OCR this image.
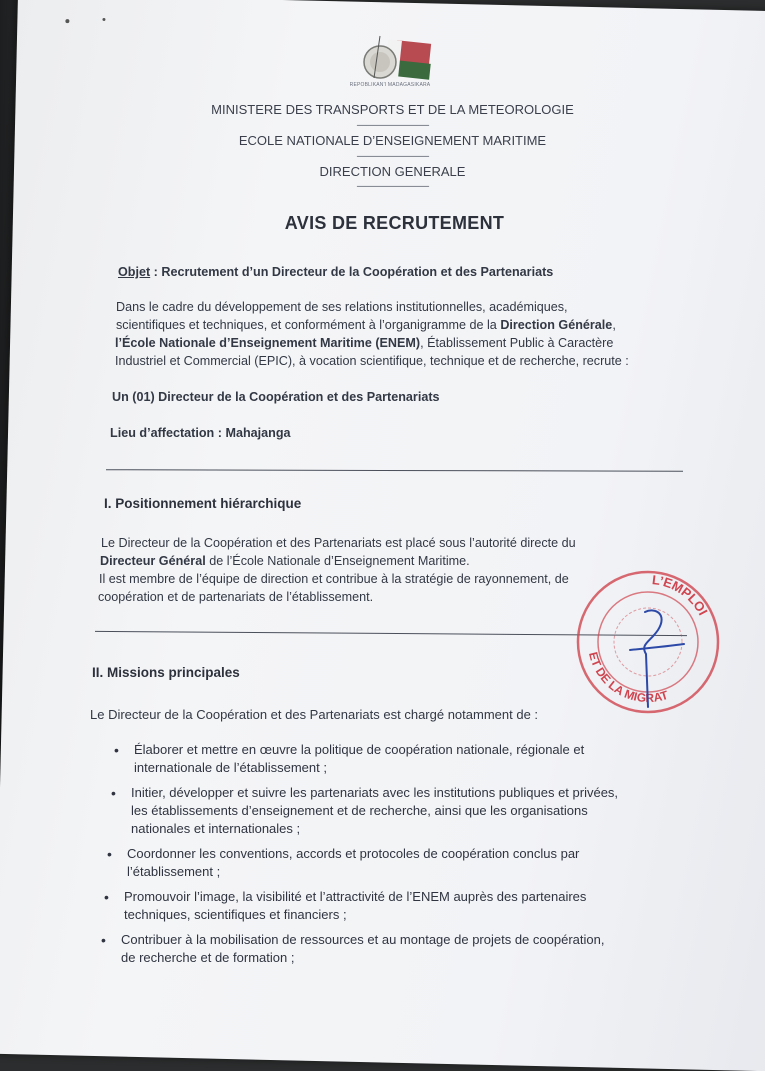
REPOBLIKAN'I MADAGASIKARA
MINISTERE DES TRANSPORTS ET DE LA METEOROLOGIE
------------------------------------
ECOLE NATIONALE D’ENSEIGNEMENT MARITIME
------------------------------------
DIRECTION GENERALE
------------------------------------
AVIS DE RECRUTEMENT
Objet : Recrutement d’un Directeur de la Coopération et des Partenariats
Dans le cadre du développement de ses relations institutionnelles, académiques,
scientifiques et techniques, et conformément à l’organigramme de la Direction Générale,
l’École Nationale d’Enseignement Maritime (ENEM), Établissement Public à Caractère
Industriel et Commercial (EPIC), à vocation scientifique, technique et de recherche, recrute :
Un (01) Directeur de la Coopération et des Partenariats
Lieu d’affectation : Mahajanga
I. Positionnement hiérarchique
Le Directeur de la Coopération et des Partenariats est placé sous l’autorité directe du
Directeur Général de l’École Nationale d’Enseignement Maritime.
Il est membre de l’équipe de direction et contribue à la stratégie de rayonnement, de
coopération et de partenariats de l’établissement.
II. Missions principales
Le Directeur de la Coopération et des Partenariats est chargé notamment de :
• Élaborer et mettre en œuvre la politique de coopération nationale, régionale et
internationale de l’établissement ;
• Initier, développer et suivre les partenariats avec les institutions publiques et privées,
les établissements d’enseignement et de recherche, ainsi que les organisations
nationales et internationales ;
• Coordonner les conventions, accords et protocoles de coopération conclus par
l’établissement ;
• Promouvoir l’image, la visibilité et l’attractivité de l’ENEM auprès des partenaires
techniques, scientifiques et financiers ;
• Contribuer à la mobilisation de ressources et au montage de projets de coopération,
de recherche et de formation ;
L’EMPLOI
ET DE LA MIGRAT
